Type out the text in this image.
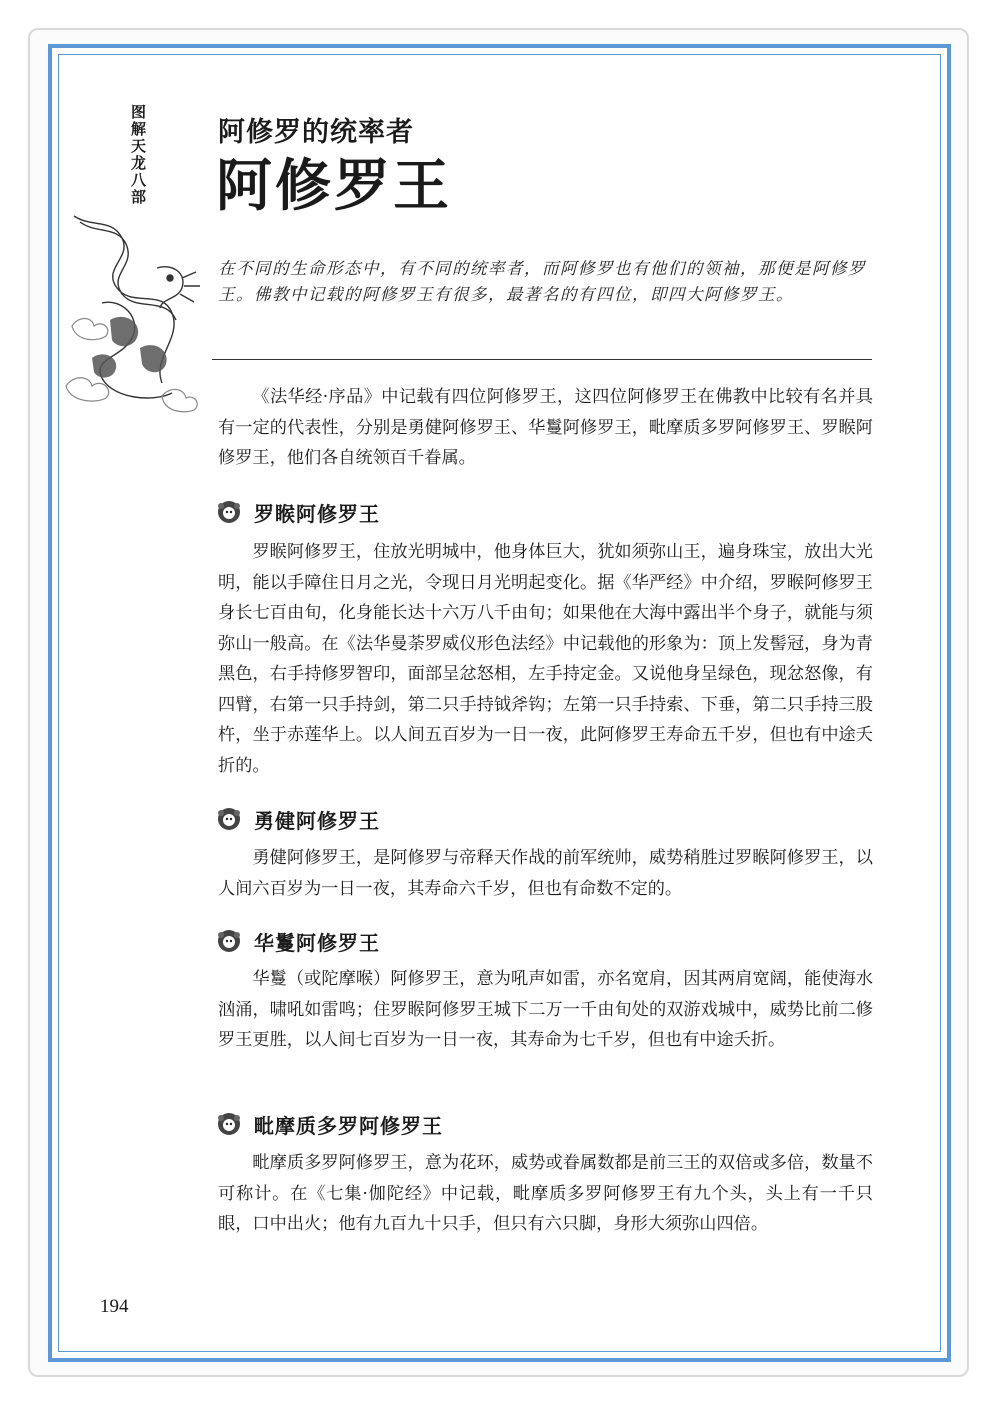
图解天龙八部	阿修罗的统率者
阿修罗王
在不同的生命形态中，有不同的统率者，而阿修罗也有他们的领袖，那便是阿修罗王。佛教中记载的阿修罗王有很多，最著名的有四位，即四大阿修罗王。

《法华经·序品》中记载有四位阿修罗王，这四位阿修罗王在佛教中比较有名并具有一定的代表性，分别是勇健阿修罗王、华鬘阿修罗王，毗摩质多罗阿修罗王、罗睺阿修罗王，他们各自统领百千眷属。

罗睺阿修罗王

罗睺阿修罗王，住放光明城中，他身体巨大，犹如须弥山王，遍身珠宝，放出大光明，能以手障住日月之光，令现日月光明起变化。据《华严经》中介绍，罗睺阿修罗王身长七百由旬，化身能长达十六万八千由旬；如果他在大海中露出半个身子，就能与须弥山一般高。在《法华曼荼罗威仪形色法经》中记载他的形象为：顶上发髻冠，身为青黑色，右手持修罗智印，面部呈忿怒相，左手持定金。又说他身呈绿色，现忿怒像，有四臂，右第一只手持剑，第二只手持钺斧钩；左第一只手持索、下垂，第二只手持三股杵，坐于赤莲华上。以人间五百岁为一日一夜，此阿修罗王寿命五千岁，但也有中途夭折的。

勇健阿修罗王

勇健阿修罗王，是阿修罗与帝释天作战的前军统帅，威势稍胜过罗睺阿修罗王，以人间六百岁为一日一夜，其寿命六千岁，但也有命数不定的。

华鬘阿修罗王

华鬘（或陀摩喉）阿修罗王，意为吼声如雷，亦名宽肩，因其两肩宽阔，能使海水汹涌，啸吼如雷鸣；住罗睺阿修罗王城下二万一千由旬处的双游戏城中，威势比前二修罗王更胜，以人间七百岁为一日一夜，其寿命为七千岁，但也有中途夭折。

毗摩质多罗阿修罗王

毗摩质多罗阿修罗王，意为花环，威势或眷属数都是前三王的双倍或多倍，数量不可称计。在《七集·伽陀经》中记载，毗摩质多罗阿修罗王有九个头，头上有一千只眼，口中出火；他有九百九十只手，但只有六只脚，身形大须弥山四倍。

194
